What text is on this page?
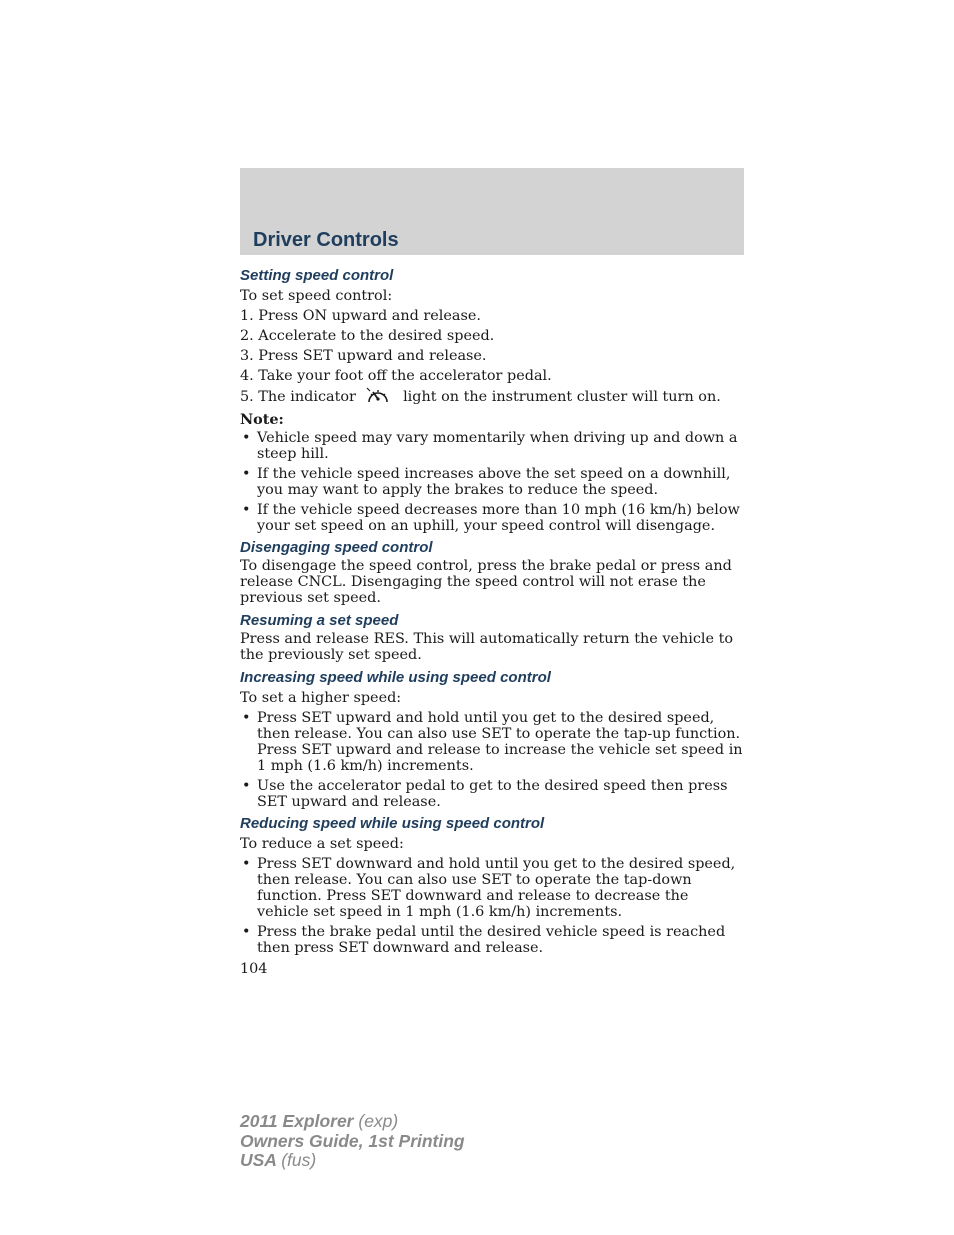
Driver Controls
Setting speed control
To set speed control:
1. Press ON upward and release.
2. Accelerate to the desired speed.
3. Press SET upward and release.
4. Take your foot off the accelerator pedal.
5. The indicator	light on the instrument cluster will turn on.
Note:
• Vehicle speed may vary momentarily when driving up and down a steep hill.
• If the vehicle speed increases above the set speed on a downhill, you may want to apply the brakes to reduce the speed.
• If the vehicle speed decreases more than 10 mph (16 km/h) below your set speed on an uphill, your speed control will disengage.
Disengaging speed control

To disengage the speed control, press the brake pedal or press and release CNCL. Disengaging the speed control will not erase the previous set speed.

Resuming a set speed

Press and release RES. This will automatically return the vehicle to the previously set speed.

Increasing speed while using speed control
To set a higher speed:
• Press SET upward and hold until you get to the desired speed, then release. You can also use SET to operate the tap-up function. Press SET upward and release to increase the vehicle set speed in 1 mph (1.6 km/h) increments.
• Use the accelerator pedal to get to the desired speed then press SET upward and release.
Reducing speed while using speed control
To reduce a set speed:
• Press SET downward and hold until you get to the desired speed, then release. You can also use SET to operate the tap-down function. Press SET downward and release to decrease the vehicle set speed in 1 mph (1.6 km/h) increments.
• Press the brake pedal until the desired vehicle speed is reached then press SET downward and release.
104
2011 Explorer (exp)
Owners Guide, 1st Printing
USA (fus)
